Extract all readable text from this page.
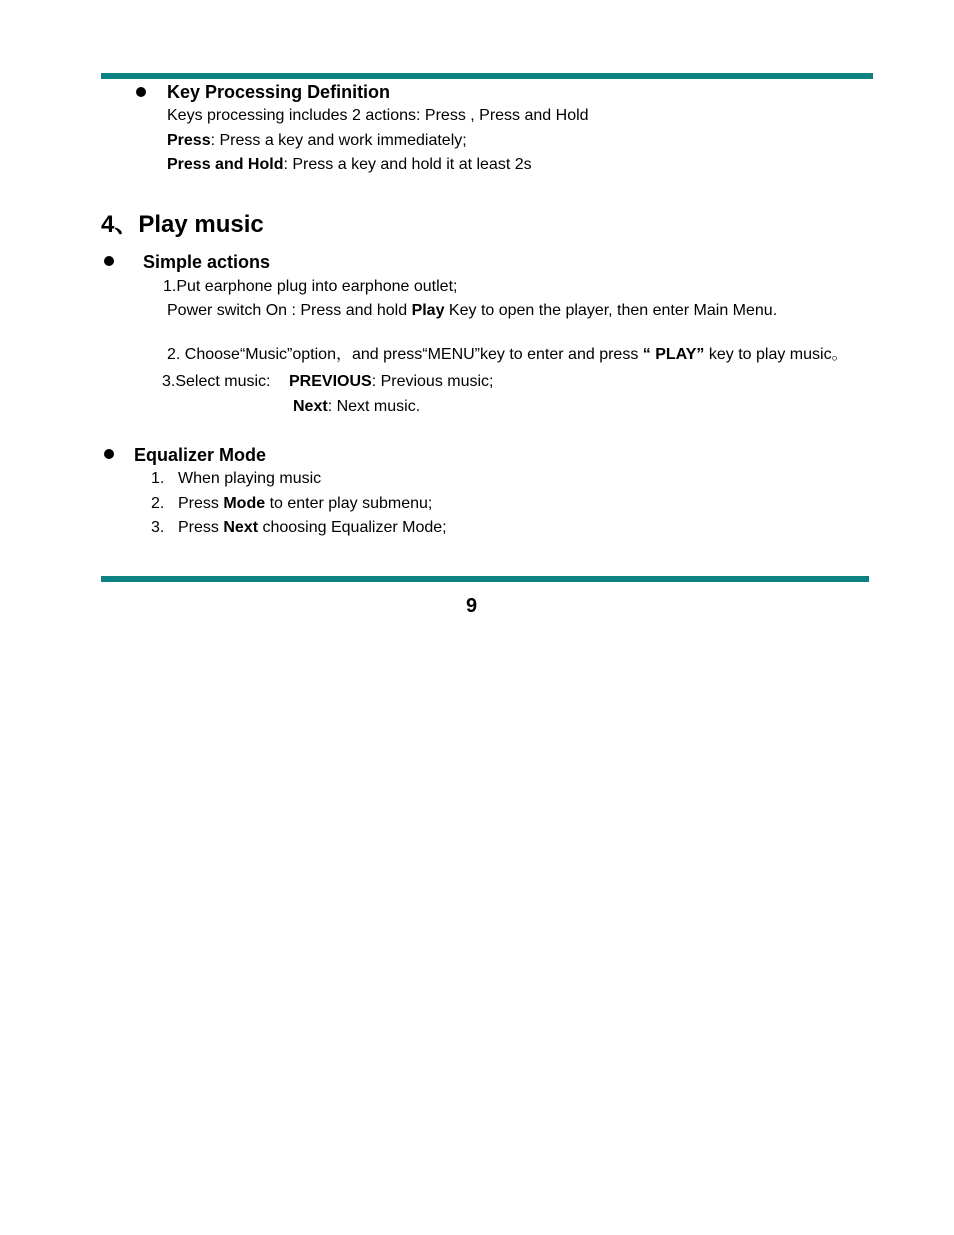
Key Processing Definition
Keys processing includes 2 actions: Press , Press and Hold
Press: Press a key and work immediately;
Press and Hold: Press a key and hold it at least 2s
4、Play music
Simple actions
1.Put earphone plug into earphone outlet;
Power switch On : Press and hold Play Key to open the player, then enter Main Menu.
2. Choose“Music”option，and press“MENU”key to enter and press “ PLAY” key to play music。
3.Select music: PREVIOUS: Previous music;
Next: Next music.
Equalizer Mode
1. When playing music
2. Press Mode to enter play submenu;
3. Press Next choosing Equalizer Mode;
9
